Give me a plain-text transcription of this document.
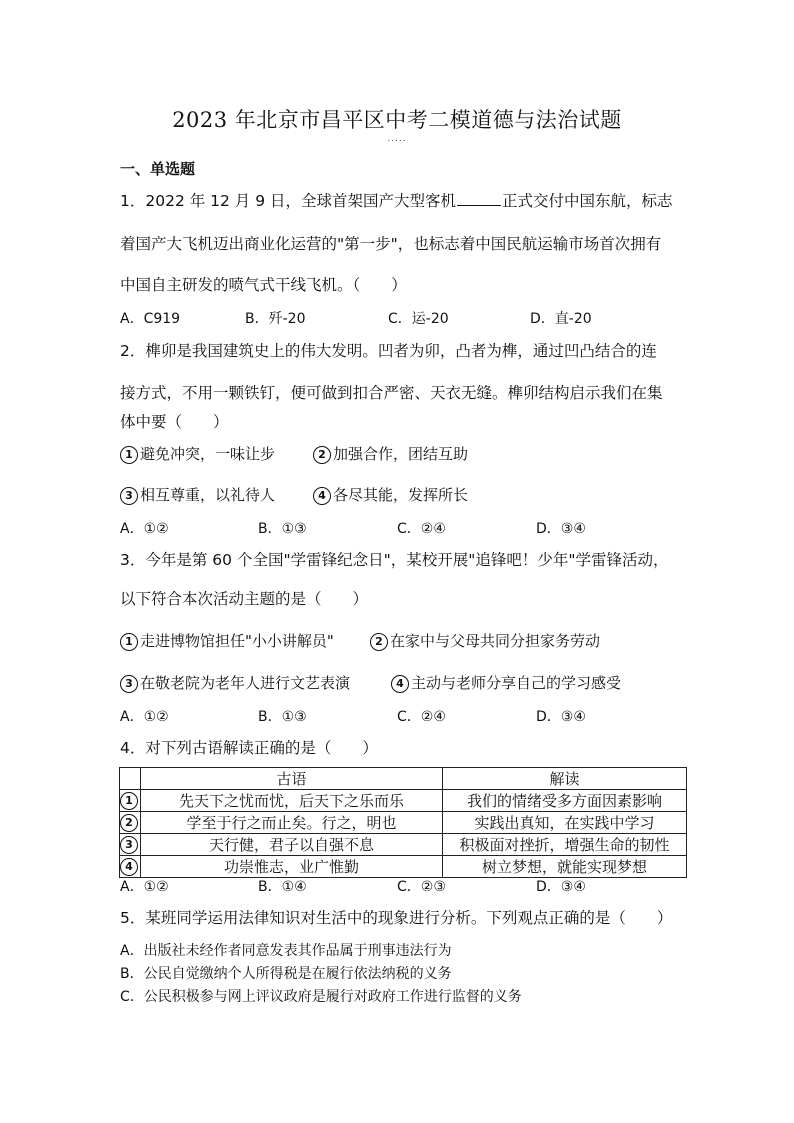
2023 年北京市昌平区中考二模道德与法治试题
.....
一、单选题
1．2022 年 12 月 9 日，全球首架国产大型客机	正式交付中国东航，标志
着国产大飞机迈出商业化运营的"第一步"，也标志着中国民航运输市场首次拥有
中国自主研发的喷气式干线飞机。（　　）
A．C919	B．歼-20	C．运-20	D．直-20
2．榫卯是我国建筑史上的伟大发明。凹者为卯，凸者为榫，通过凹凸结合的连
接方式，不用一颗铁钉，便可做到扣合严密、天衣无缝。榫卯结构启示我们在集
体中要（　　）
1 避免冲突，一味让步	2 加强合作，团结互助
3 相互尊重，以礼待人	4 各尽其能，发挥所长
A．①②	B．①③	C．②④	D．③④
3．今年是第 60 个全国"学雷锋纪念日"，某校开展"追锋吧！少年"学雷锋活动，
以下符合本次活动主题的是（　　）
1 走进博物馆担任"小小讲解员"	2 在家中与父母共同分担家务劳动
3 在敬老院为老年人进行文艺表演	4 主动与老师分享自己的学习感受
A．①②	B．①③	C．②④	D．③④
4．对下列古语解读正确的是（　　）
	古语	解读
1	先天下之忧而忧，后天下之乐而乐	我们的情绪受多方面因素影响
2	学至于行之而止矣。行之，明也	实践出真知，在实践中学习
3	天行健，君子以自强不息	积极面对挫折，增强生命的韧性
4	功崇惟志，业广惟勤	树立梦想，就能实现梦想
A．①②	B．①④	C．②③	D．③④
5．某班同学运用法律知识对生活中的现象进行分析。下列观点正确的是（　　）
A．出版社未经作者同意发表其作品属于刑事违法行为
B．公民自觉缴纳个人所得税是在履行依法纳税的义务
C．公民积极参与网上评议政府是履行对政府工作进行监督的义务
